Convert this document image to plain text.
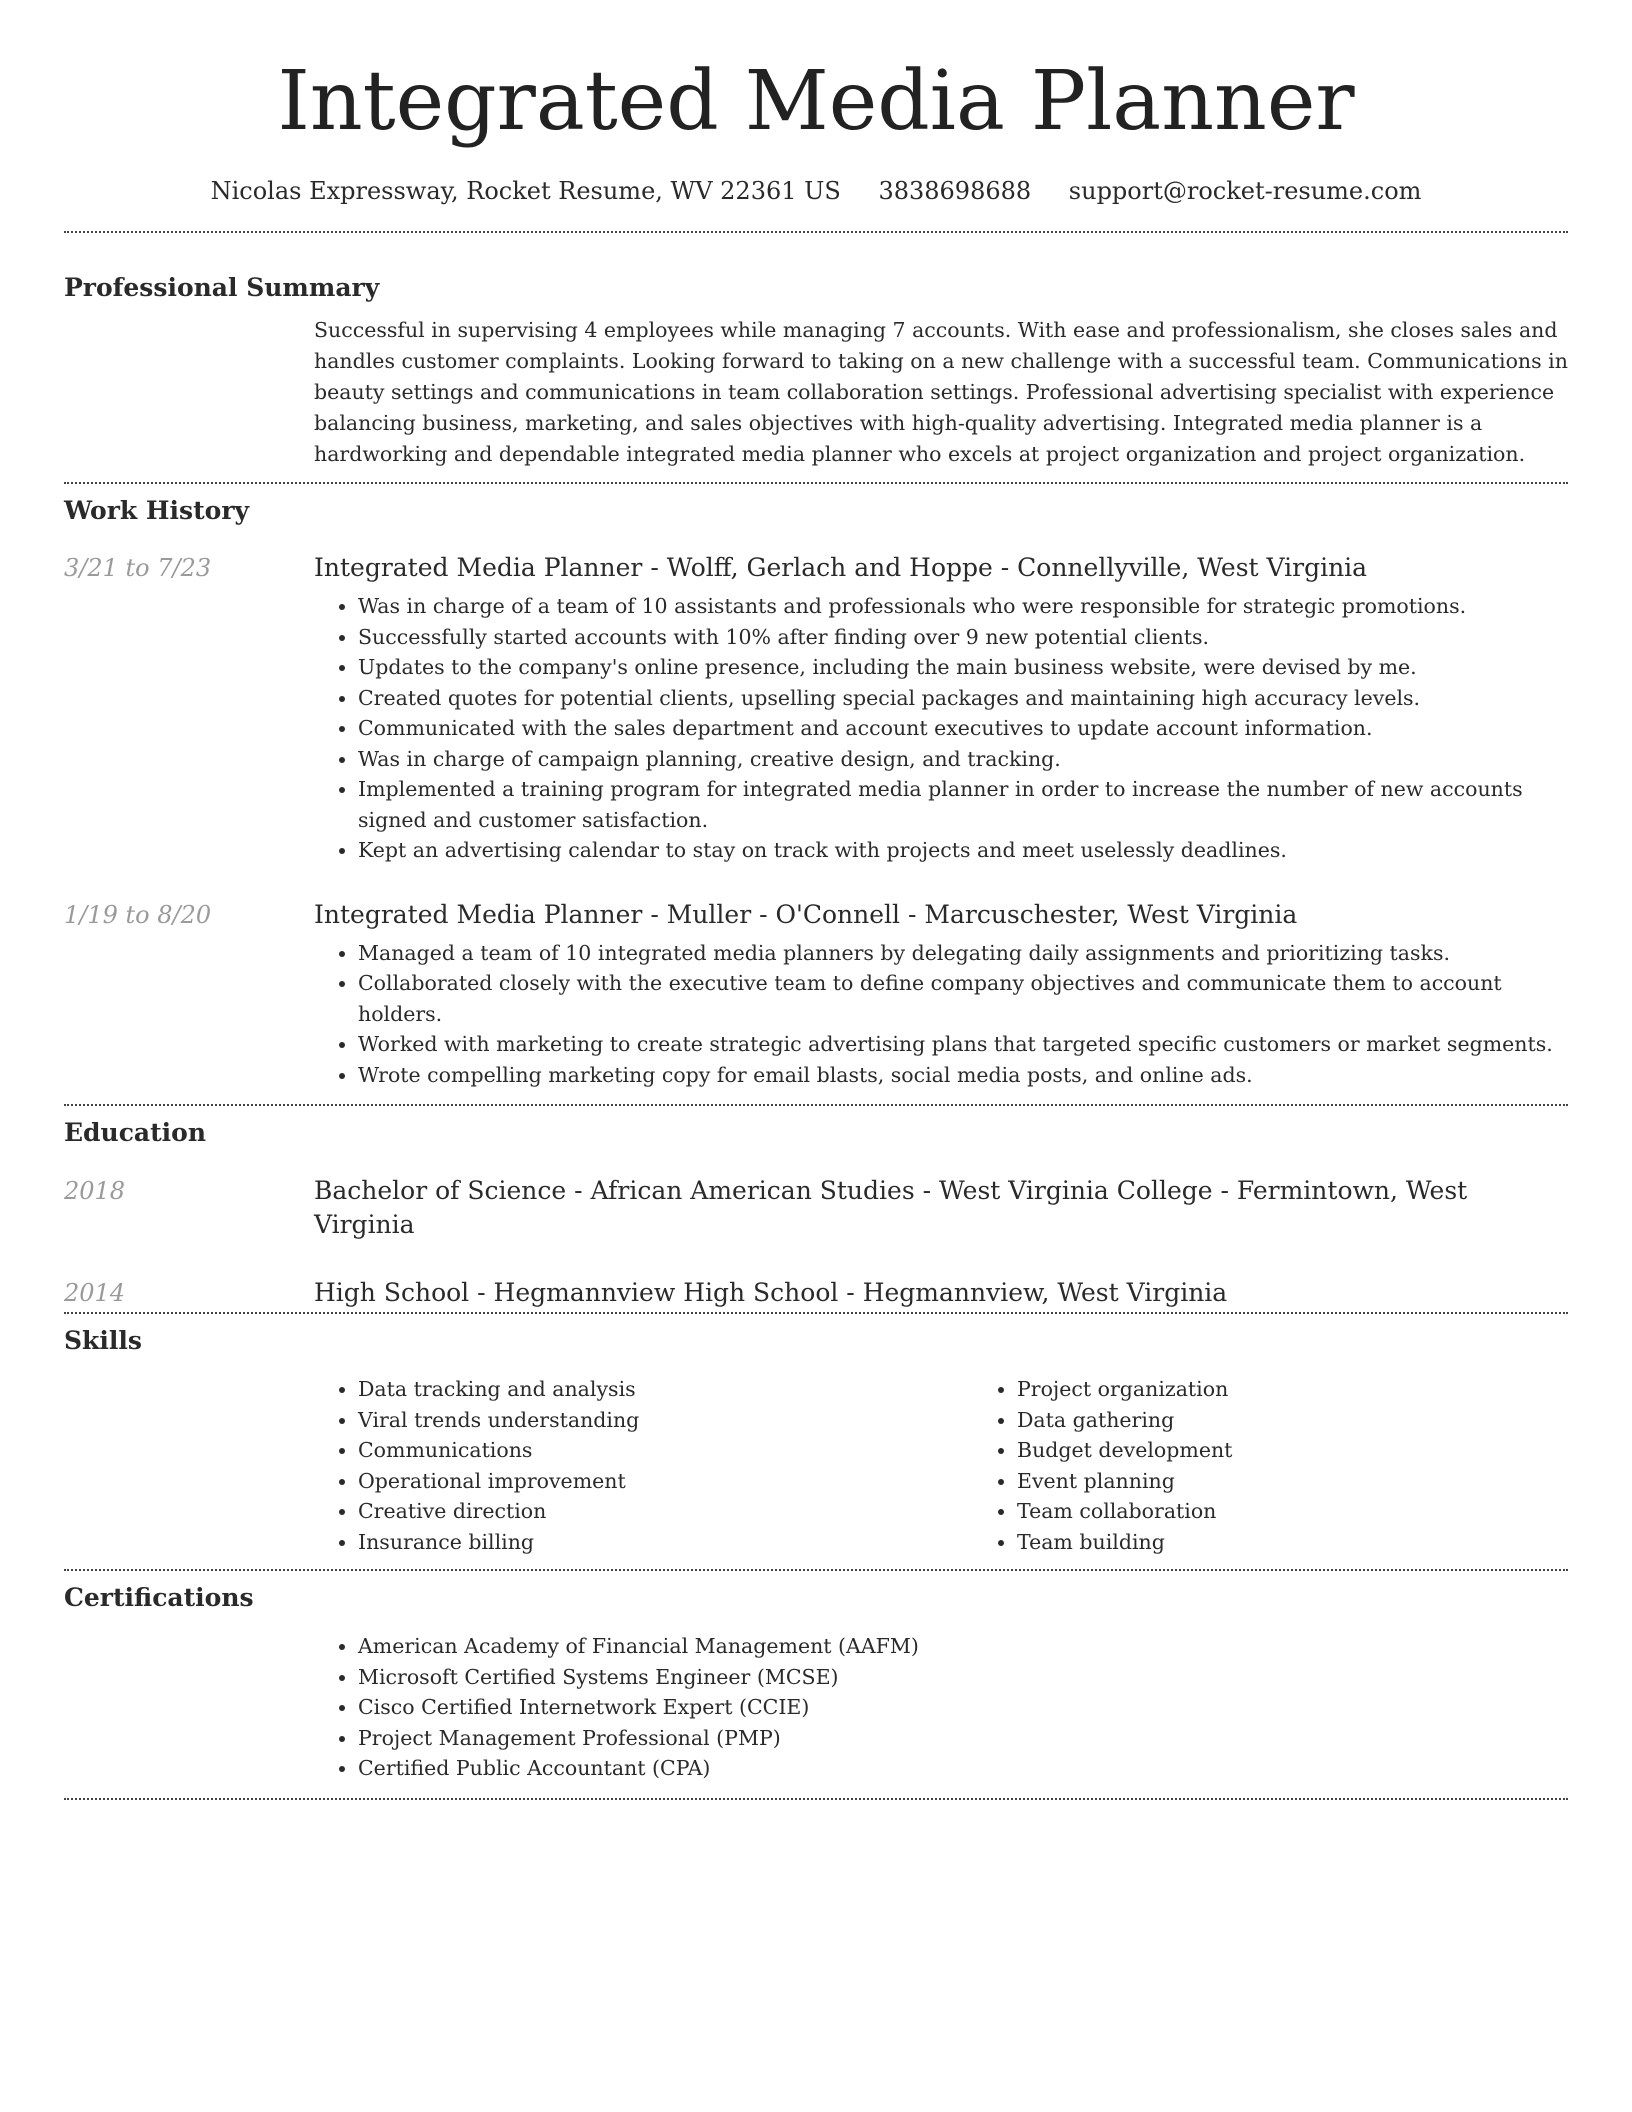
Integrated Media Planner
Nicolas Expressway, Rocket Resume, WV 22361 US 3838698688 support@rocket-resume.com
Professional Summary
Successful in supervising 4 employees while managing 7 accounts. With ease and professionalism, she closes sales and handles customer complaints. Looking forward to taking on a new challenge with a successful team. Communications in beauty settings and communications in team collaboration settings. Professional advertising specialist with experience balancing business, marketing, and sales objectives with high-quality advertising. Integrated media planner is a hardworking and dependable integrated media planner who excels at project organization and project organization.
Work History
3/21 to 7/23	Integrated Media Planner - Wolff, Gerlach and Hoppe - Connellyville, West Virginia
• Was in charge of a team of 10 assistants and professionals who were responsible for strategic promotions.
• Successfully started accounts with 10% after finding over 9 new potential clients.
• Updates to the company's online presence, including the main business website, were devised by me.
• Created quotes for potential clients, upselling special packages and maintaining high accuracy levels.
• Communicated with the sales department and account executives to update account information.
• Was in charge of campaign planning, creative design, and tracking.
• Implemented a training program for integrated media planner in order to increase the number of new accounts signed and customer satisfaction.
• Kept an advertising calendar to stay on track with projects and meet uselessly deadlines.
1/19 to 8/20	Integrated Media Planner - Muller - O'Connell - Marcuschester, West Virginia
• Managed a team of 10 integrated media planners by delegating daily assignments and prioritizing tasks.
• Collaborated closely with the executive team to define company objectives and communicate them to account holders.
• Worked with marketing to create strategic advertising plans that targeted specific customers or market segments.
• Wrote compelling marketing copy for email blasts, social media posts, and online ads.
Education
2018	Bachelor of Science - African American Studies - West Virginia College - Fermintown, West Virginia
2014	High School - Hegmannview High School - Hegmannview, West Virginia
Skills
• Data tracking and analysis
• Viral trends understanding
• Communications
• Operational improvement
• Creative direction
• Insurance billing
• Project organization
• Data gathering
• Budget development
• Event planning
• Team collaboration
• Team building
Certifications
• American Academy of Financial Management (AAFM)
• Microsoft Certified Systems Engineer (MCSE)
• Cisco Certified Internetwork Expert (CCIE)
• Project Management Professional (PMP)
• Certified Public Accountant (CPA)
